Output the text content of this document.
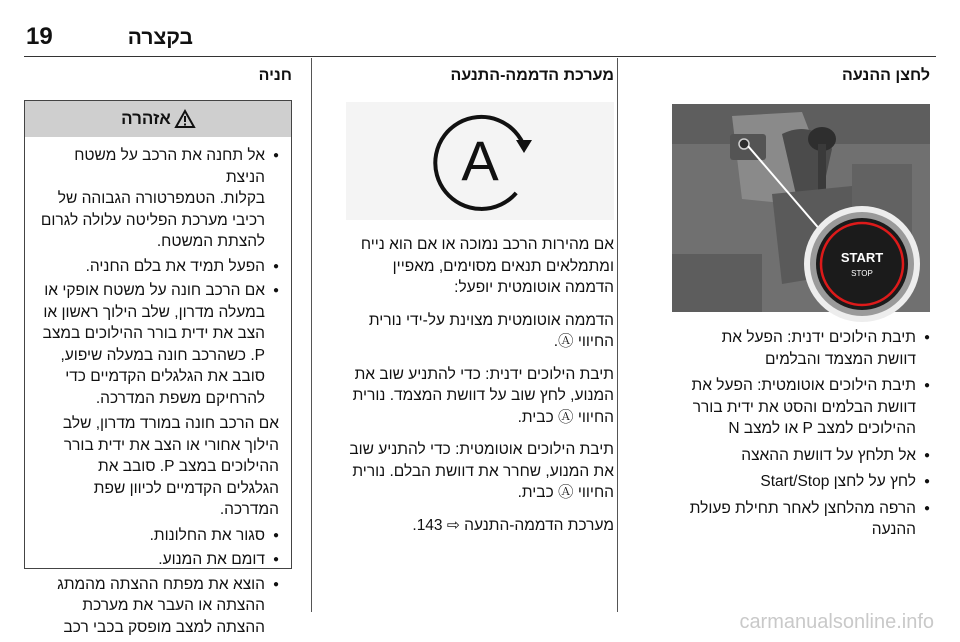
19	בקצרה
לחצן ההנעה
START
STOP
● תיבת הילוכים ידנית: הפעל את
דוושת המצמד והבלמים
● תיבת הילוכים אוטומטית: הפעל את
דוושת הבלמים והסט את ידית בורר
ההילוכים למצב P או למצב N
● אל תלחץ על דוושת ההאצה
● לחץ על לחצן Start/Stop
● הרפה מהלחצן לאחר תחילת פעולת
ההנעה
מערכת הדממה-התנעה
A
אם מהירות הרכב נמוכה או אם הוא נייח
ומתמלאים תנאים מסוימים, מאפיין
הדממה אוטומטית יופעל:
הדממה אוטומטית מצוינת על-ידי נורית
החיווי Ⓐ.
תיבת הילוכים ידנית: כדי להתניע שוב את
המנוע, לחץ שוב על דוושת המצמד. נורית
החיווי Ⓐ כבית.
תיבת הילוכים אוטומטית: כדי להתניע שוב
את המנוע, שחרר את דוושת הבלם. נורית
החיווי Ⓐ כבית.
מערכת הדממה-התנעה ⇨ 143.
חניה
אזהרה
● אל תחנה את הרכב על משטח הניצת
בקלות. הטמפרטורה הגבוהה של
רכיבי מערכת הפליטה עלולה לגרום
להצתת המשטח.
● הפעל תמיד את בלם החניה.
● אם הרכב חונה על משטח אופקי או
במעלה מדרון, שלב הילוך ראשון או
הצב את ידית בורר ההילוכים במצב
P. כשהרכב חונה במעלה שיפוע,
סובב את הגלגלים הקדמיים כדי
להרחיקם משפת המדרכה.
אם הרכב חונה במורד מדרון, שלב
הילוך אחורי או הצב את ידית בורר
ההילוכים במצב P. סובב את
הגלגלים הקדמיים לכיוון שפת
המדרכה.
● סגור את החלונות.
● דומם את המנוע.
● הוצא את מפתח ההצתה מהמתג
ההצתה או העבר את מערכת
ההצתה למצב מופסק בכבי רכב	carmanualsonline.info
